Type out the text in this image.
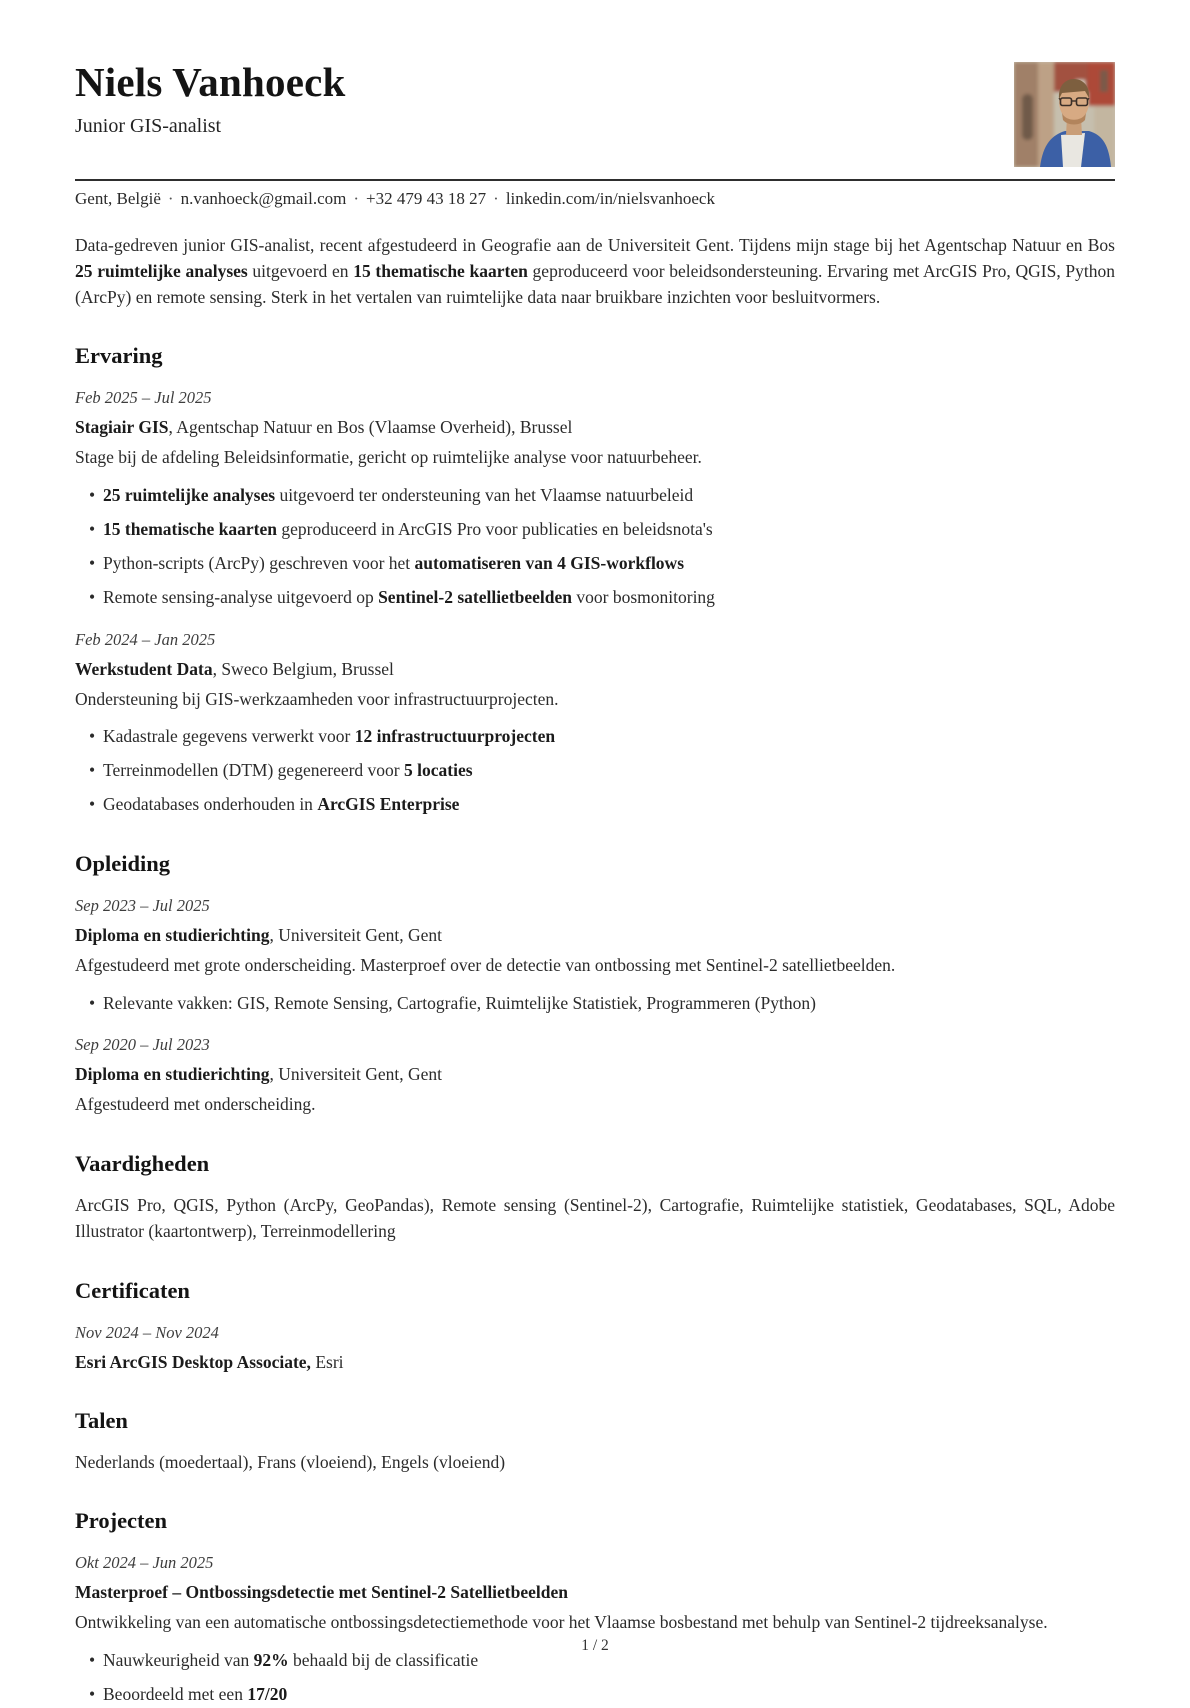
Niels Vanhoeck
Junior GIS-analist
Gent, België · n.vanhoeck@gmail.com · +32 479 43 18 27 · linkedin.com/in/nielsvanhoeck

Data-gedreven junior GIS-analist, recent afgestudeerd in Geografie aan de Universiteit Gent. Tijdens mijn stage bij het Agentschap Natuur en Bos 25 ruimtelijke analyses uitgevoerd en 15 thematische kaarten geproduceerd voor beleidsondersteuning. Ervaring met ArcGIS Pro, QGIS, Python (ArcPy) en remote sensing. Sterk in het vertalen van ruimtelijke data naar bruikbare inzichten voor besluitvormers.

Ervaring
Feb 2025 – Jul 2025
Stagiair GIS, Agentschap Natuur en Bos (Vlaamse Overheid), Brussel
Stage bij de afdeling Beleidsinformatie, gericht op ruimtelijke analyse voor natuurbeheer.
• 25 ruimtelijke analyses uitgevoerd ter ondersteuning van het Vlaamse natuurbeleid
• 15 thematische kaarten geproduceerd in ArcGIS Pro voor publicaties en beleidsnota's
• Python-scripts (ArcPy) geschreven voor het automatiseren van 4 GIS-workflows
• Remote sensing-analyse uitgevoerd op Sentinel-2 satellietbeelden voor bosmonitoring
Feb 2024 – Jan 2025
Werkstudent Data, Sweco Belgium, Brussel
Ondersteuning bij GIS-werkzaamheden voor infrastructuurprojecten.
• Kadastrale gegevens verwerkt voor 12 infrastructuurprojecten
• Terreinmodellen (DTM) gegenereerd voor 5 locaties
• Geodatabases onderhouden in ArcGIS Enterprise
Opleiding
Sep 2023 – Jul 2025
Diploma en studierichting, Universiteit Gent, Gent
Afgestudeerd met grote onderscheiding. Masterproef over de detectie van ontbossing met Sentinel-2 satellietbeelden.
• Relevante vakken: GIS, Remote Sensing, Cartografie, Ruimtelijke Statistiek, Programmeren (Python)
Sep 2020 – Jul 2023
Diploma en studierichting, Universiteit Gent, Gent
Afgestudeerd met onderscheiding.
Vaardigheden

ArcGIS Pro, QGIS, Python (ArcPy, GeoPandas), Remote sensing (Sentinel-2), Cartografie, Ruimtelijke statistiek, Geodatabases, SQL, Adobe Illustrator (kaartontwerp), Terreinmodellering

Certificaten
Nov 2024 – Nov 2024
Esri ArcGIS Desktop Associate, Esri
Talen

Nederlands (moedertaal), Frans (vloeiend), Engels (vloeiend)

Projecten
Okt 2024 – Jun 2025
Masterproef – Ontbossingsdetectie met Sentinel-2 Satellietbeelden
Ontwikkeling van een automatische ontbossingsdetectiemethode voor het Vlaamse bosbestand met behulp van Sentinel-2 tijdreeksanalyse.
• Nauwkeurigheid van 92% behaald bij de classificatie
• Beoordeeld met een 17/20
1 / 2
